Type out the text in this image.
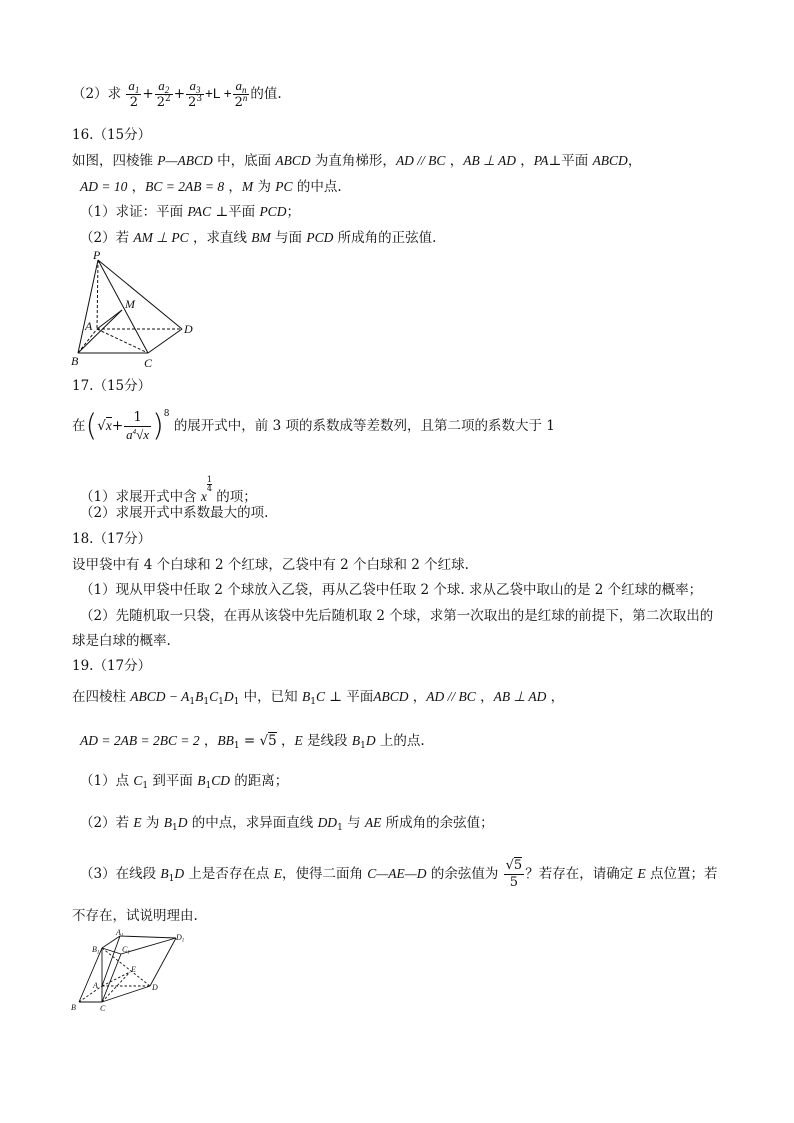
（2）求 $\frac{a_1}{2} + \frac{a_2}{2^2} + \frac{a_3}{2^3} +L + \frac{a_n}{2^n}$ 的值.
16.（15分）
如图，四棱锥 P—ABCD 中，底面 ABCD 为直角梯形，AD // BC ，AB ⊥ AD ，PA⊥平面 ABCD，
AD = 10 ，BC = 2AB = 8 ，M 为 PC 的中点.
（1）求证：平面 PAC ⊥平面 PCD；
（2）若 AM ⊥ PC ，求直线 BM 与面 PCD 所成角的正弦值.
P
M
A	D
B	C
17.（15分）
在$(√x+ \frac{1}{a^4√x} )^8$ 的展开式中，前 3 项的系数成等差数列，且第二项的系数大于 1
（1）求展开式中含 x
$\frac{1}{4}$
的项；
（2）求展开式中系数最大的项.
18.（17分）
设甲袋中有 4 个白球和 2 个红球，乙袋中有 2 个白球和 2 个红球.
（1）现从甲袋中任取 2 个球放入乙袋，再从乙袋中任取 2 个球. 求从乙袋中取山的是 2 个红球的概率；
（2）先随机取一只袋，在再从该袋中先后随机取 2 个球，求第一次取出的是红球的前提下，第二次取出的
球是白球的概率.
19.（17分）
在四棱柱 ABCD − $A_1B_1C_1D_1$ 中，已知 $B_1C$ ⊥ 平面ABCD ，AD // BC ，AB ⊥ AD ，
AD = 2AB = 2BC = 2 ，$BB_1 = √5$ ，E 是线段 $B_1D$ 上的点.
（1）点 $C_1$ 到平面 $B_1CD$ 的距离；
（2）若 E 为 $B_1D$ 的中点，求异面直线 $DD_1$ 与 AE 所成角的余弦值；
（3）在线段 $B_1D$ 上是否存在点 E，使得二面角 C—AE—D 的余弦值为 $\frac{√5}{5}$ ？若存在，请确定 E 点位置；若
不存在，试说明理由.
B1
A1	D1
C1
E
A	D
B	C
